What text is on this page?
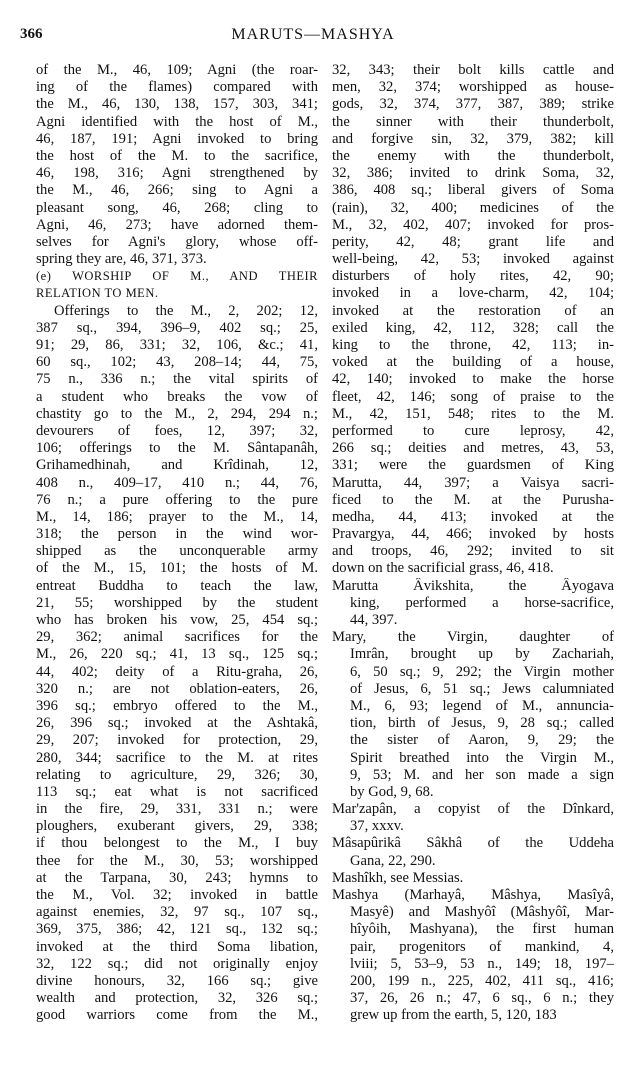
366	MARUTS—MASHYA
of the M., 46, 109; Agni (the roar-
ing of the flames) compared with
the M., 46, 130, 138, 157, 303, 341;
Agni identified with the host of M.,
46, 187, 191; Agni invoked to bring
the host of the M. to the sacrifice,
46, 198, 316; Agni strengthened by
the M., 46, 266; sing to Agni a
pleasant song, 46, 268; cling to
Agni, 46, 273; have adorned them-
selves for Agni's glory, whose off-
spring they are, 46, 371, 373.
(e) WORSHIP OF M., AND THEIR
RELATION TO MEN.
Offerings to the M., 2, 202; 12,
387 sq., 394, 396–9, 402 sq.; 25,
91; 29, 86, 331; 32, 106, &c.; 41,
60 sq., 102; 43, 208–14; 44, 75,
75 n., 336 n.; the vital spirits of
a student who breaks the vow of
chastity go to the M., 2, 294, 294 n.;
devourers of foes, 12, 397; 32,
106; offerings to the M. Sântapanâh,
Grihamedhinah, and Krîdinah, 12,
408 n., 409–17, 410 n.; 44, 76,
76 n.; a pure offering to the pure
M., 14, 186; prayer to the M., 14,
318; the person in the wind wor-
shipped as the unconquerable army
of the M., 15, 101; the hosts of M.
entreat Buddha to teach the law,
21, 55; worshipped by the student
who has broken his vow, 25, 454 sq.;
29, 362; animal sacrifices for the
M., 26, 220 sq.; 41, 13 sq., 125 sq.;
44, 402; deity of a Ritu-graha, 26,
320 n.; are not oblation-eaters, 26,
396 sq.; embryo offered to the M.,
26, 396 sq.; invoked at the Ashtakâ,
29, 207; invoked for protection, 29,
280, 344; sacrifice to the M. at rites
relating to agriculture, 29, 326; 30,
113 sq.; eat what is not sacrificed
in the fire, 29, 331, 331 n.; were
ploughers, exuberant givers, 29, 338;
if thou belongest to the M., I buy
thee for the M., 30, 53; worshipped
at the Tarpana, 30, 243; hymns to
the M., Vol. 32; invoked in battle
against enemies, 32, 97 sq., 107 sq.,
369, 375, 386; 42, 121 sq., 132 sq.;
invoked at the third Soma libation,
32, 122 sq.; did not originally enjoy
divine honours, 32, 166 sq.; give
wealth and protection, 32, 326 sq.;
good warriors come from the M.,
32, 343; their bolt kills cattle and
men, 32, 374; worshipped as house-
gods, 32, 374, 377, 387, 389; strike
the sinner with their thunderbolt,
and forgive sin, 32, 379, 382; kill
the enemy with the thunderbolt,
32, 386; invited to drink Soma, 32,
386, 408 sq.; liberal givers of Soma
(rain), 32, 400; medicines of the
M., 32, 402, 407; invoked for pros-
perity, 42, 48; grant life and
well-being, 42, 53; invoked against
disturbers of holy rites, 42, 90;
invoked in a love-charm, 42, 104;
invoked at the restoration of an
exiled king, 42, 112, 328; call the
king to the throne, 42, 113; in-
voked at the building of a house,
42, 140; invoked to make the horse
fleet, 42, 146; song of praise to the
M., 42, 151, 548; rites to the M.
performed to cure leprosy, 42,
266 sq.; deities and metres, 43, 53,
331; were the guardsmen of King
Marutta, 44, 397; a Vaisya sacri-
ficed to the M. at the Purusha-
medha, 44, 413; invoked at the
Pravargya, 44, 466; invoked by hosts
and troops, 46, 292; invited to sit
down on the sacrificial grass, 46, 418.
Marutta Âvikshita, the Âyogava
king, performed a horse-sacrifice,
44, 397.
Mary, the Virgin, daughter of
Imrân, brought up by Zachariah,
6, 50 sq.; 9, 292; the Virgin mother
of Jesus, 6, 51 sq.; Jews calumniated
M., 6, 93; legend of M., annuncia-
tion, birth of Jesus, 9, 28 sq.; called
the sister of Aaron, 9, 29; the
Spirit breathed into the Virgin M.,
9, 53; M. and her son made a sign
by God, 9, 68.
Mar'zapân, a copyist of the Dînkard,
37, xxxv.
Mâsapûrikâ Sâkhâ of the Uddeha
Gana, 22, 290.
Mashîkh, see Messias.
Mashya (Marhayâ, Mâshya, Masîyâ,
Masyê) and Mashyôî (Mâshyôî, Mar-
hîyôih, Mashyana), the first human
pair, progenitors of mankind, 4,
lviii; 5, 53–9, 53 n., 149; 18, 197–
200, 199 n., 225, 402, 411 sq., 416;
37, 26, 26 n.; 47, 6 sq., 6 n.; they
grew up from the earth, 5, 120, 183
